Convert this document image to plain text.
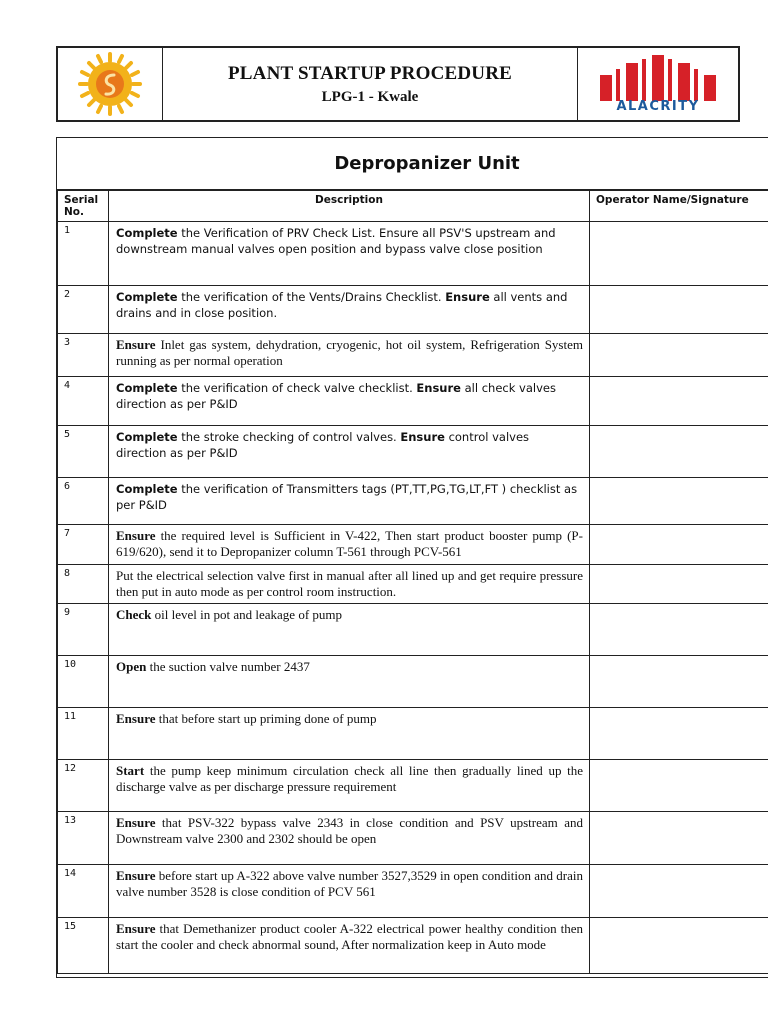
PLANT STARTUP PROCEDURE
LPG-1 - Kwale
ALACRITY
Depropanizer Unit
Serial No.	Description	Operator Name/Signature
1	Complete the Verification of PRV Check List. Ensure all PSV'S upstream and downstream manual valves open position and bypass valve close position	
2	Complete the verification of the Vents/Drains Checklist. Ensure all vents and drains and in close position.	
3	Ensure Inlet gas system, dehydration, cryogenic, hot oil system, Refrigeration System running as per normal operation	
4	Complete the verification of check valve checklist. Ensure all check valves direction as per P&ID	
5	Complete the stroke checking of control valves. Ensure control valves direction as per P&ID	
6	Complete the verification of Transmitters tags (PT,TT,PG,TG,LT,FT ) checklist as per P&ID	
7	Ensure the required level is Sufficient in V-422, Then start product booster pump (P-619/620), send it to Depropanizer column T-561 through PCV-561	
8	Put the electrical selection valve first in manual after all lined up and get require pressure then put in auto mode as per control room instruction.	
9	Check oil level in pot and leakage of pump	
10	Open the suction valve number 2437	
11	Ensure that before start up priming done of pump	
12	Start the pump keep minimum circulation check all line then gradually lined up the discharge valve as per discharge pressure requirement	
13	Ensure that PSV-322 bypass valve 2343 in close condition and PSV upstream and Downstream valve 2300 and 2302 should be open	
14	Ensure before start up A-322 above valve number 3527,3529 in open condition and drain valve number 3528 is close condition of PCV 561	
15	Ensure that Demethanizer product cooler A-322 electrical power healthy condition then start the cooler and check abnormal sound, After normalization keep in Auto mode	
